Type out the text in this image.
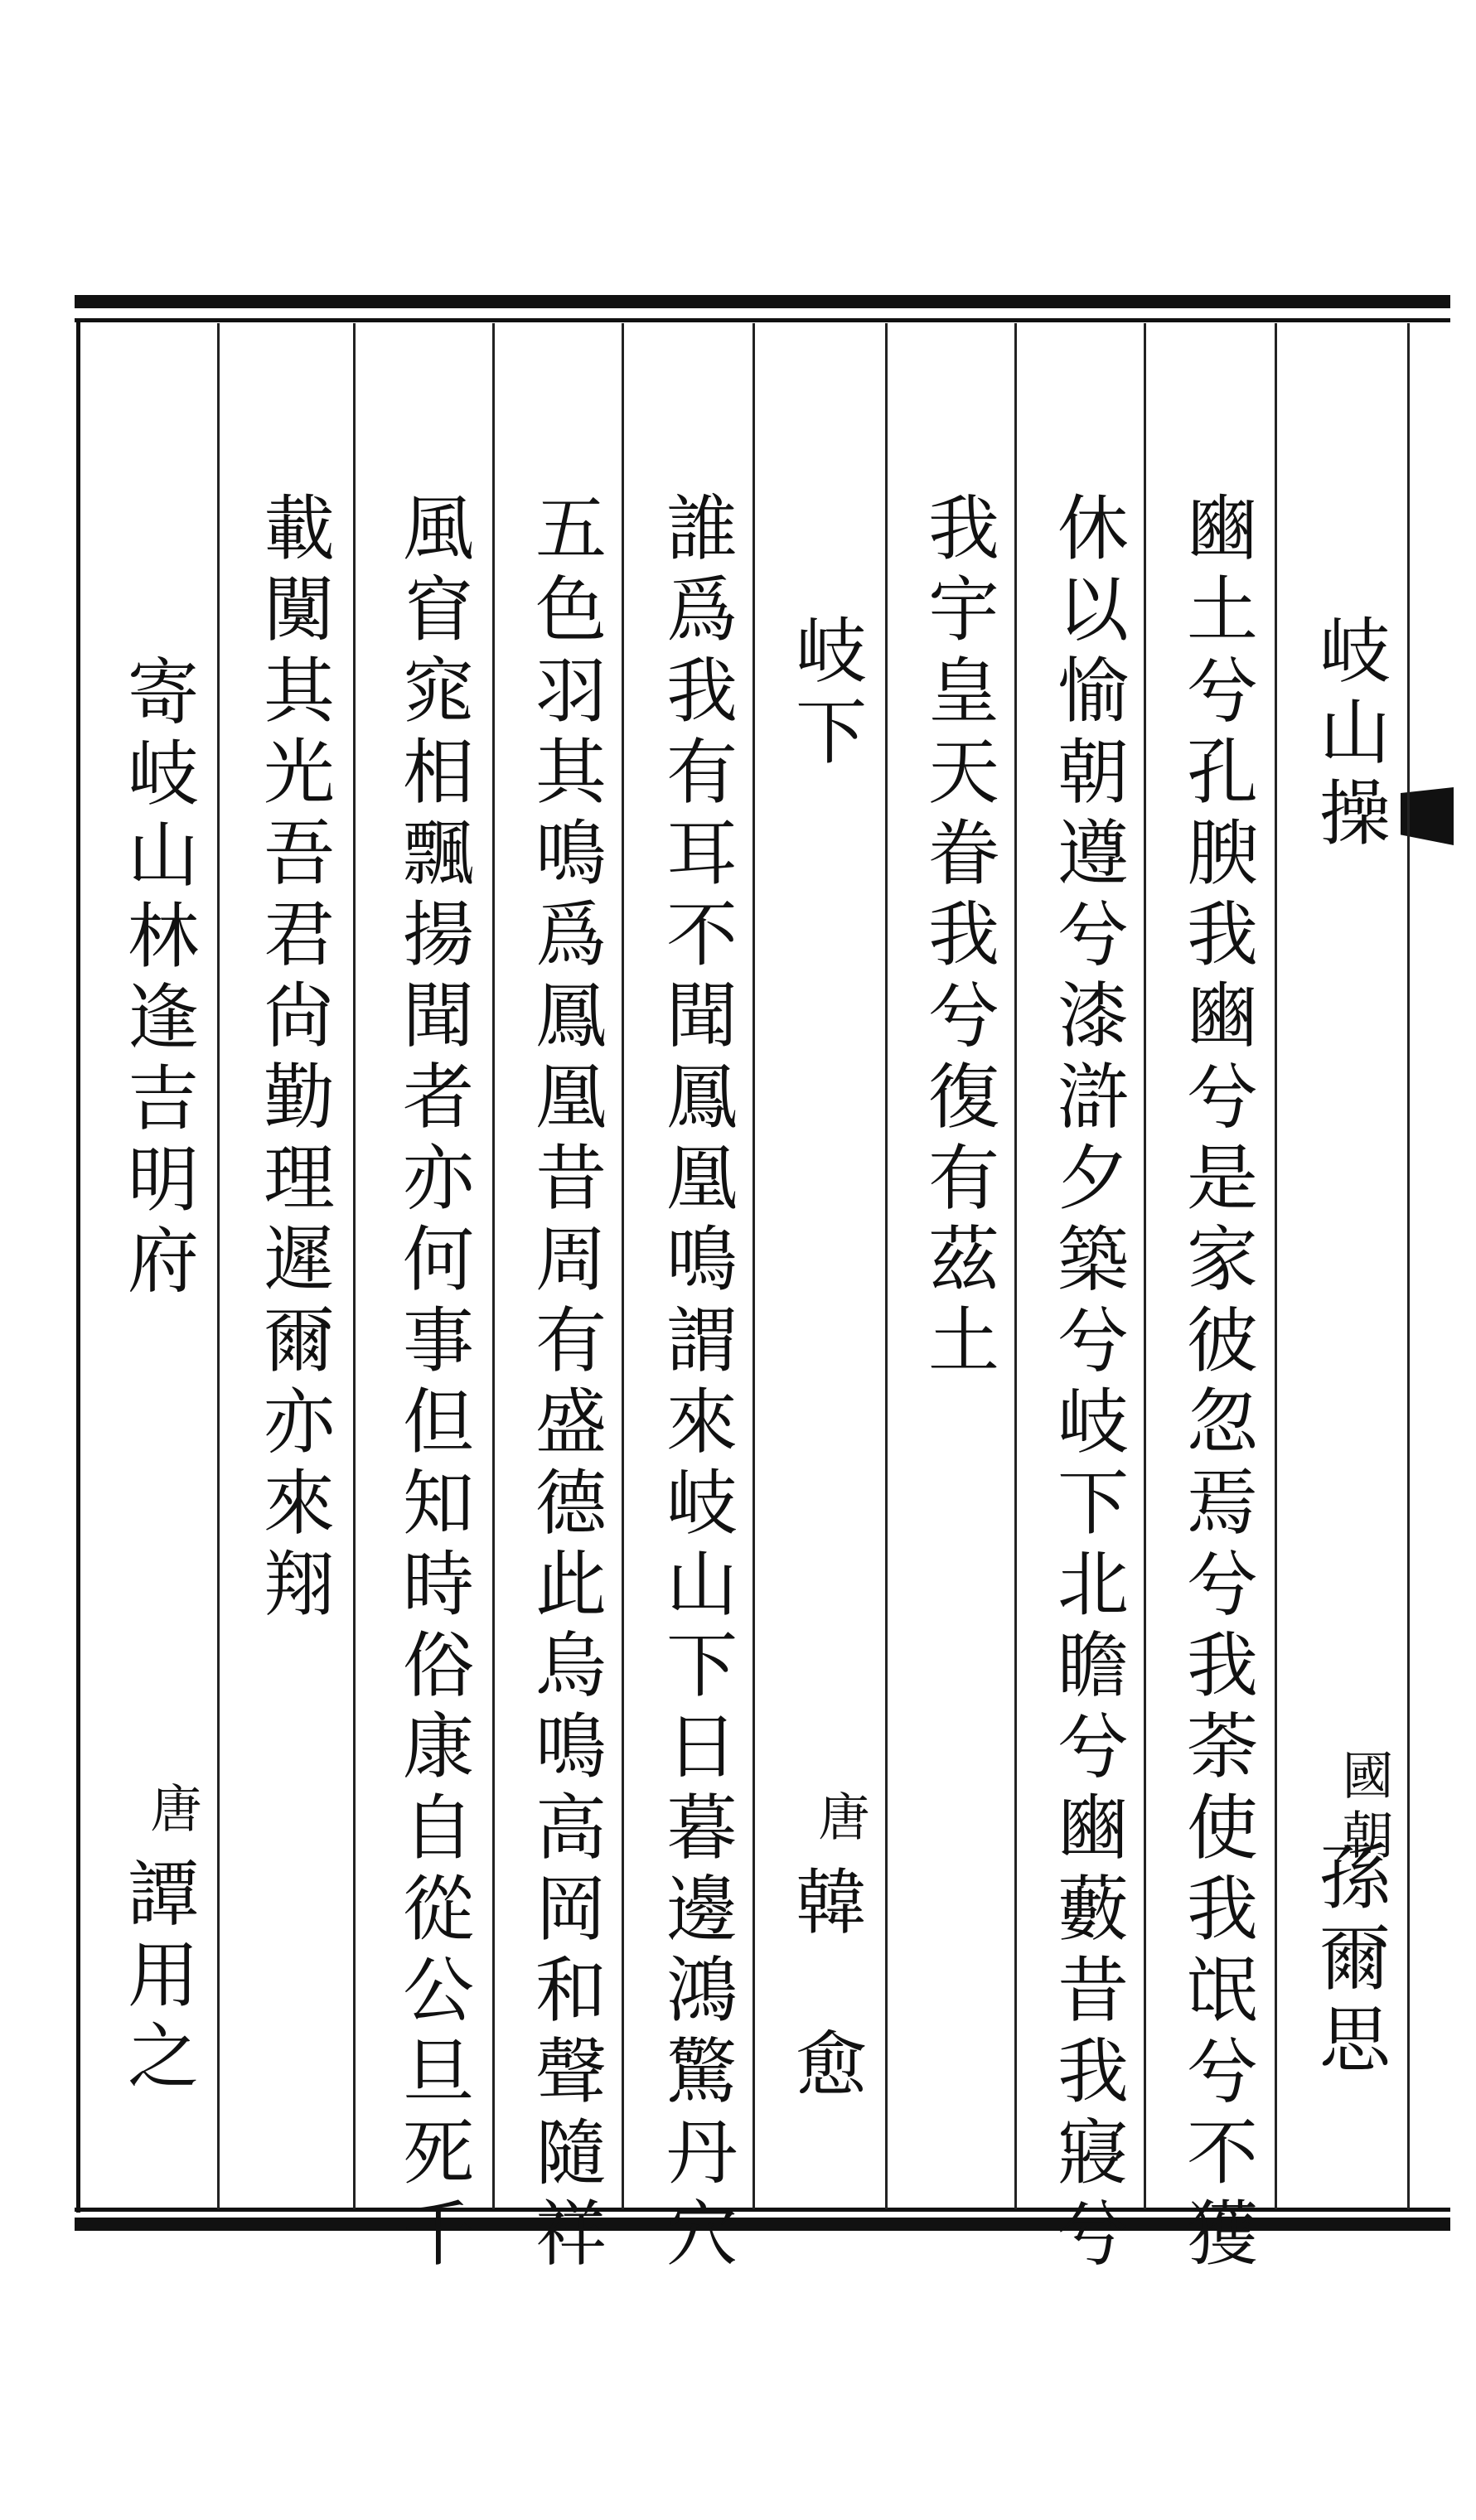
岐山操
國朝
孫爾思
豳土兮孔腴我豳兮是家彼忽焉兮我荼使我氓兮不獲
休以愉朝遵兮漆滸夕築兮岐下北瞻兮豳藪昔我寢兮
我宇皇天眷我兮復有茲土
岐下
唐
韓　愈
誰爲我有耳不聞鳳凰鳴謂來岐山下日暮邊鴻驚丹穴
五色羽其鳴爲鳳凰昔周有盛德此烏鳴高岡和聲隨祥
風窅窕相飄揚聞者亦何事但知時俗康自從公旦死千
載闃其光吾君尙勤理遲爾亦來翔
寄岐山林逢吉明府
唐
譚用之
